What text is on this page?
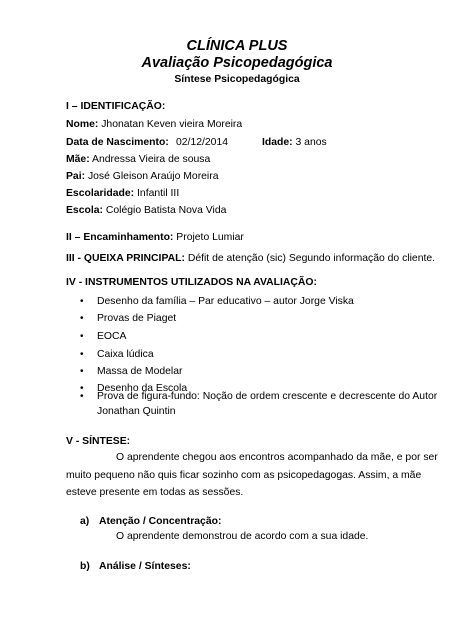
CLÍNICA PLUS
Avaliação Psicopedagógica
Síntese Psicopedagógica
I – IDENTIFICAÇÃO:
Nome: Jhonatan Keven vieira Moreira
Data de Nascimento: 02/12/2014	Idade: 3 anos
Mãe: Andressa Vieira de sousa
Pai: José Gleison Araújo Moreira
Escolaridade: Infantil III
Escola: Colégio Batista Nova Vida
II – Encaminhamento: Projeto Lumiar
III - QUEIXA PRINCIPAL: Défit de atenção (sic) Segundo informação do cliente.
IV - INSTRUMENTOS UTILIZADOS NA AVALIAÇÃO:
• Desenho da família – Par educativo – autor Jorge Viska
• Provas de Piaget
• EOCA
• Caixa lúdica
• Massa de Modelar
• Desenho da Escola
• Prova de figura-fundo: Noção de ordem crescente e decrescente do Autor
Jonathan Quintin
V - SÍNTESE:
O aprendente chegou aos encontros acompanhado da mãe, e por ser
muito pequeno não quis ficar sozinho com as psicopedagogas. Assim, a mãe
esteve presente em todas as sessões.
a) Atenção / Concentração:
O aprendente demonstrou de acordo com a sua idade.
b) Análise / Sínteses:
